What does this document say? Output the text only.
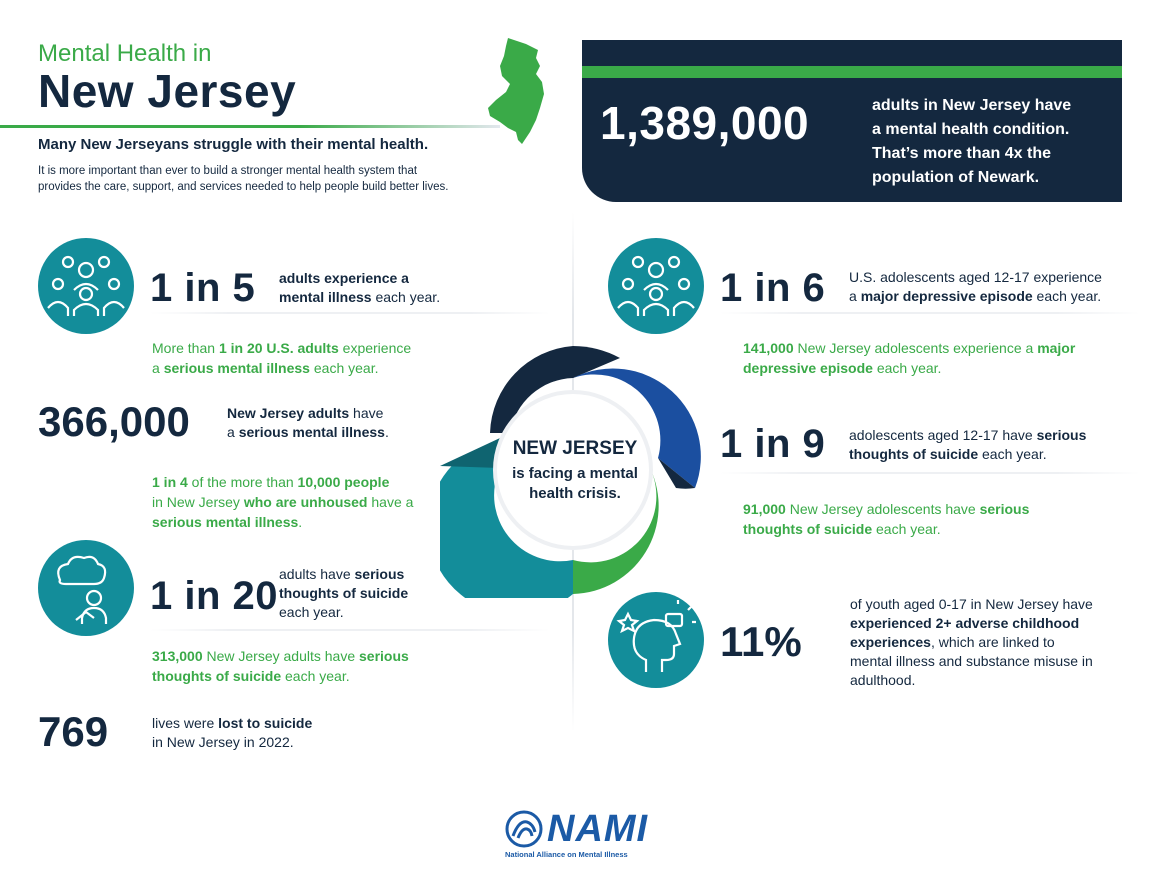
Mental Health in
New Jersey
Many New Jerseyans struggle with their mental health.
It is more important than ever to build a stronger mental health system that
provides the care, support, and services needed to help people build better lives.
1,389,000	adults in New Jersey have
a mental health condition.
That’s more than 4x the
population of Newark.
1 in 5 adults experience a
mental illness each year.
More than 1 in 20 U.S. adults experience
a serious mental illness each year.
366,000	New Jersey adults have
a serious mental illness.
1 in 4 of the more than 10,000 people
in New Jersey who are unhoused have a
serious mental illness.
1 in 20 adults have serious
thoughts of suicide
each year.
313,000 New Jersey adults have serious
thoughts of suicide each year.
769	lives were lost to suicide
in New Jersey in 2022.
NEW JERSEY
is facing a mental
health crisis.
1 in 6 U.S. adolescents aged 12-17 experience
a major depressive episode each year.
141,000 New Jersey adolescents experience a major
depressive episode each year.
1 in 9 adolescents aged 12-17 have serious
thoughts of suicide each year.
91,000 New Jersey adolescents have serious
thoughts of suicide each year.
11%
of youth aged 0-17 in New Jersey have
experienced 2+ adverse childhood
experiences, which are linked to
mental illness and substance misuse in
adulthood.
NAMI
National Alliance on Mental Illness
